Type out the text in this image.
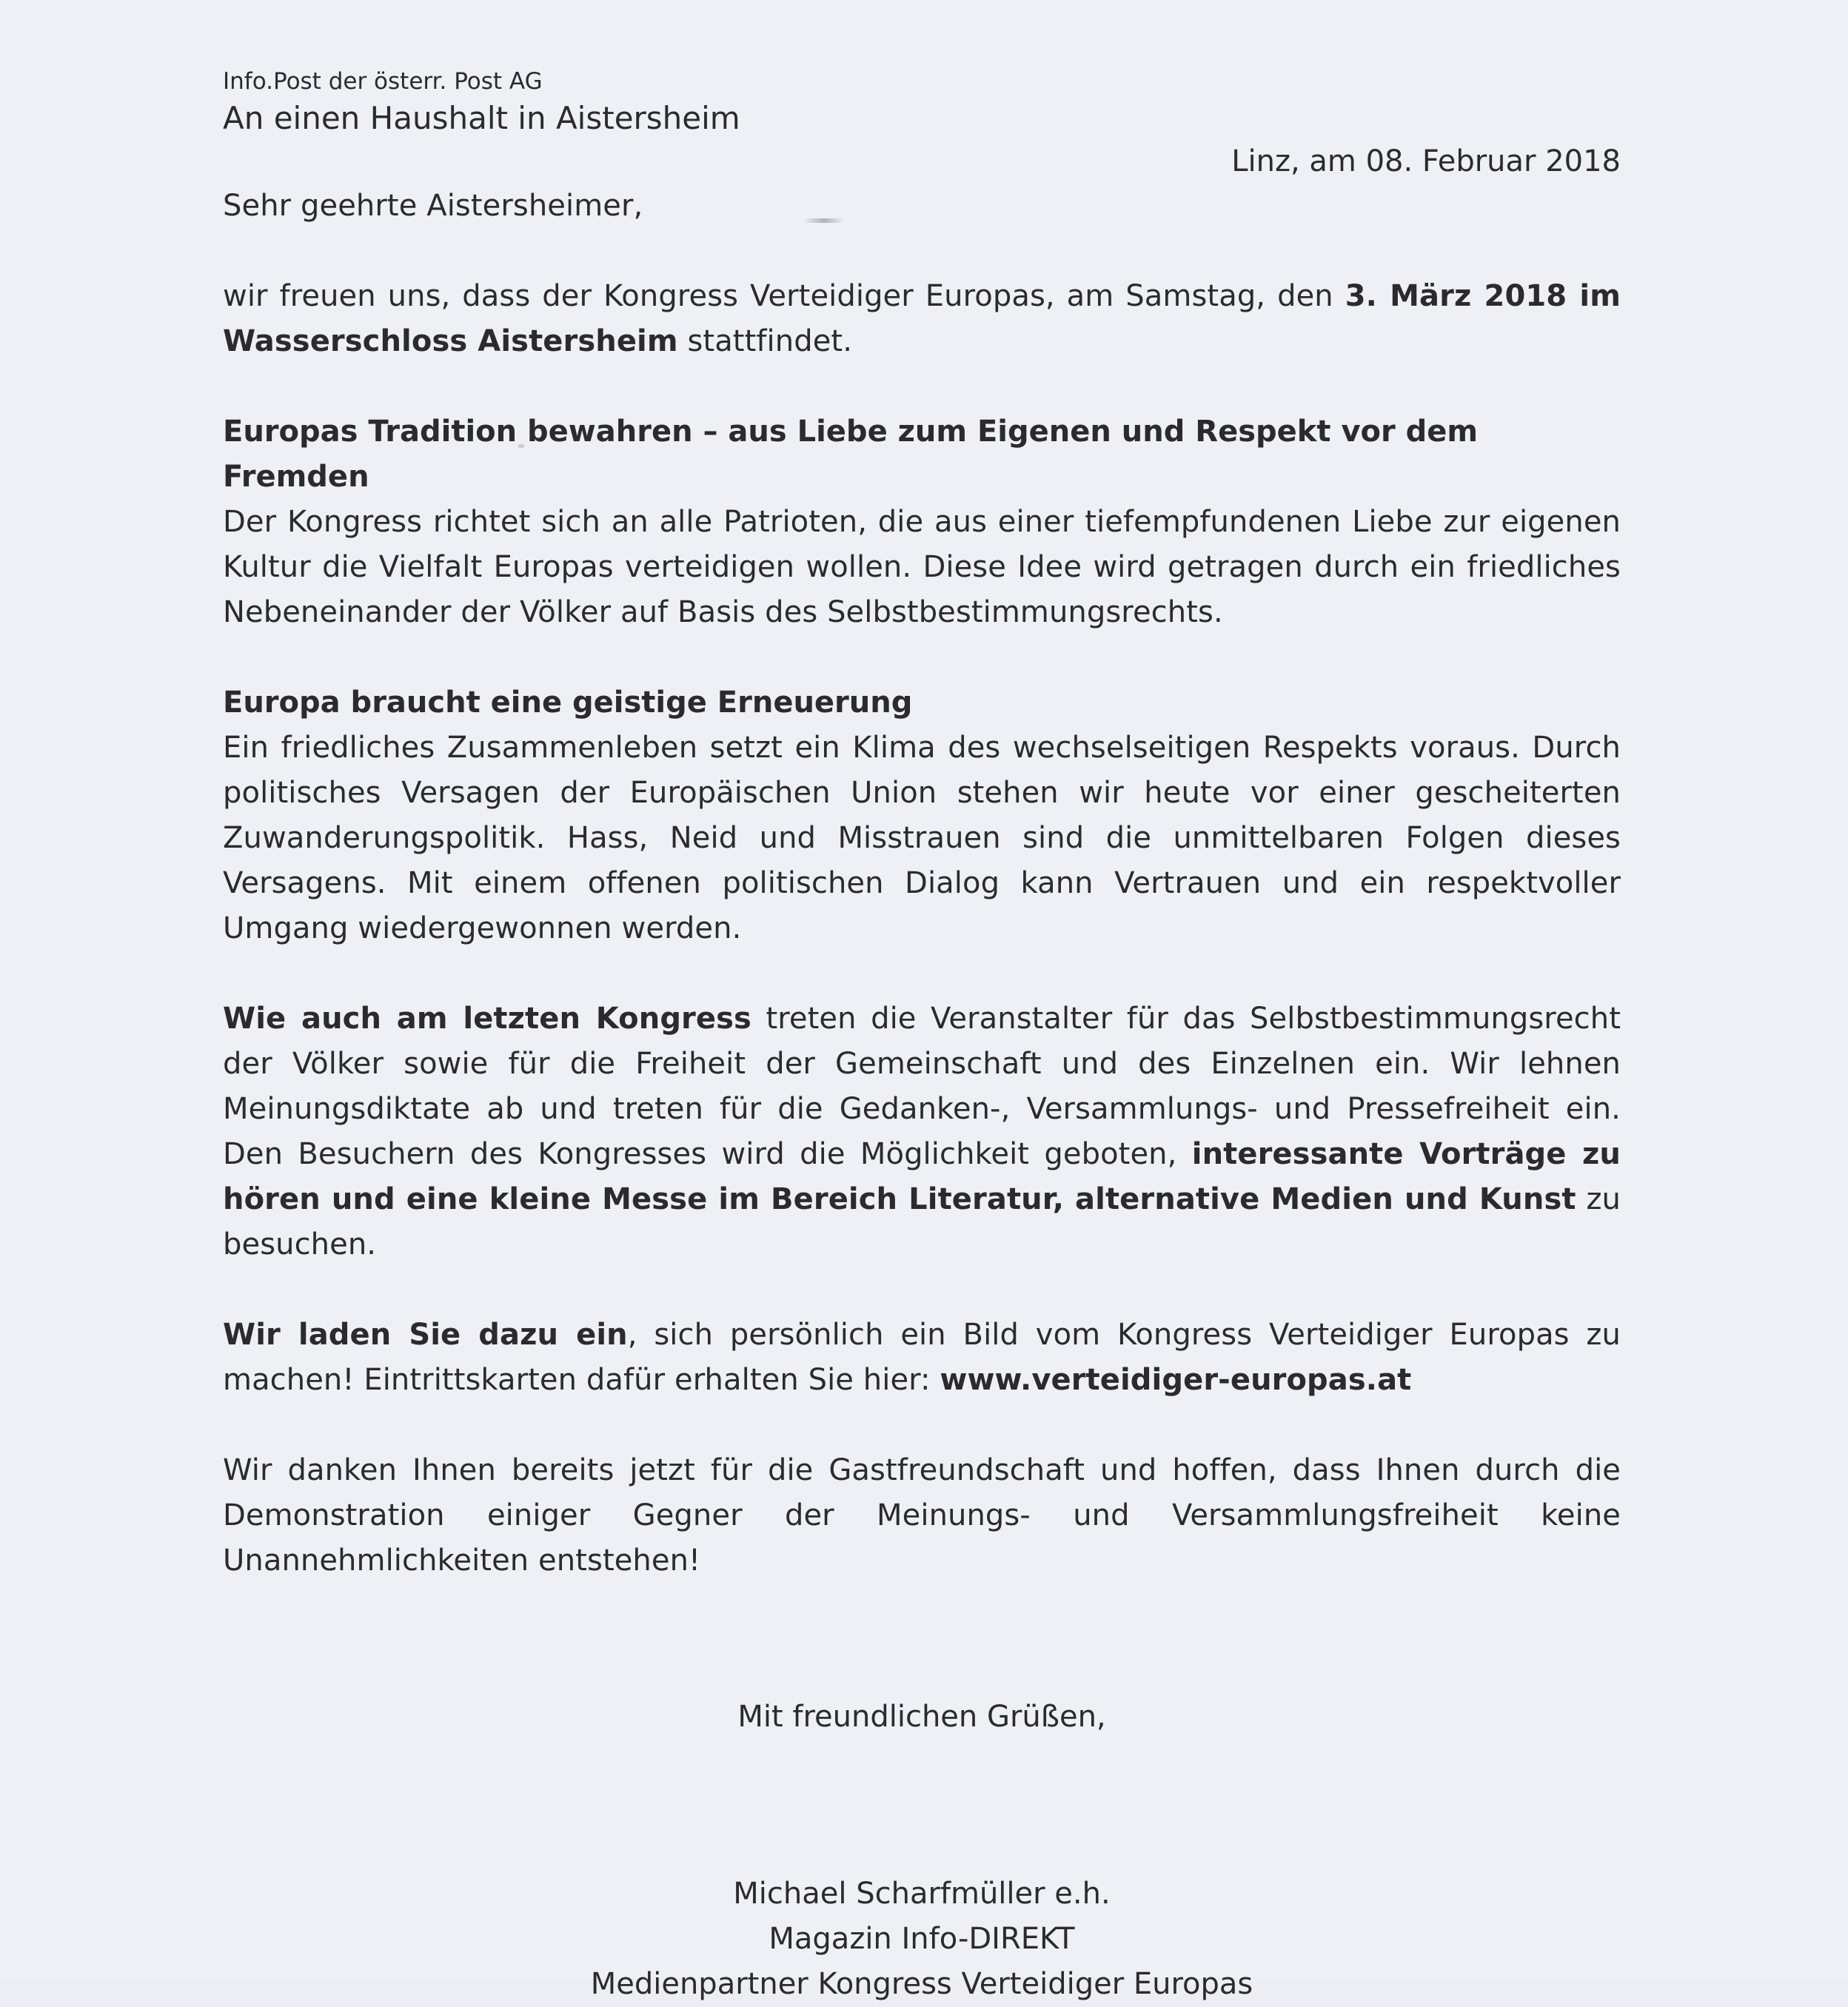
Info.Post der österr. Post AG

An einen Haushalt in Aistersheim

Linz, am 08. Februar 2018

Sehr geehrte Aistersheimer,

wir freuen uns, dass der Kongress Verteidiger Europas, am Samstag, den 3. März 2018 im Wasserschloss Aistersheim stattfindet.

Europas Tradition bewahren – aus Liebe zum Eigenen und Respekt vor dem Fremden

Der Kongress richtet sich an alle Patrioten, die aus einer tiefempfundenen Liebe zur eigenen Kultur die Vielfalt Europas verteidigen wollen. Diese Idee wird getragen durch ein friedliches Nebeneinander der Völker auf Basis des Selbstbestimmungsrechts.

Europa braucht eine geistige Erneuerung

Ein friedliches Zusammenleben setzt ein Klima des wechselseitigen Respekts voraus. Durch politisches Versagen der Europäischen Union stehen wir heute vor einer gescheiterten Zuwanderungspolitik. Hass, Neid und Misstrauen sind die unmittelbaren Folgen dieses Versagens. Mit einem offenen politischen Dialog kann Vertrauen und ein respektvoller Umgang wiedergewonnen werden.

Wie auch am letzten Kongress treten die Veranstalter für das Selbstbestimmungsrecht der Völker sowie für die Freiheit der Gemeinschaft und des Einzelnen ein. Wir lehnen Meinungsdiktate ab und treten für die Gedanken-, Versammlungs- und Pressefreiheit ein. Den Besuchern des Kongresses wird die Möglichkeit geboten, interessante Vorträge zu hören und eine kleine Messe im Bereich Literatur, alternative Medien und Kunst zu besuchen.

Wir laden Sie dazu ein, sich persönlich ein Bild vom Kongress Verteidiger Europas zu machen! Eintrittskarten dafür erhalten Sie hier: www.verteidiger-europas.at

Wir danken Ihnen bereits jetzt für die Gastfreundschaft und hoffen, dass Ihnen durch die Demonstration einiger Gegner der Meinungs- und Versammlungsfreiheit keine Unannehmlichkeiten entstehen!

Mit freundlichen Grüßen,

Michael Scharfmüller e.h.

Magazin Info-DIREKT

Medienpartner Kongress Verteidiger Europas
